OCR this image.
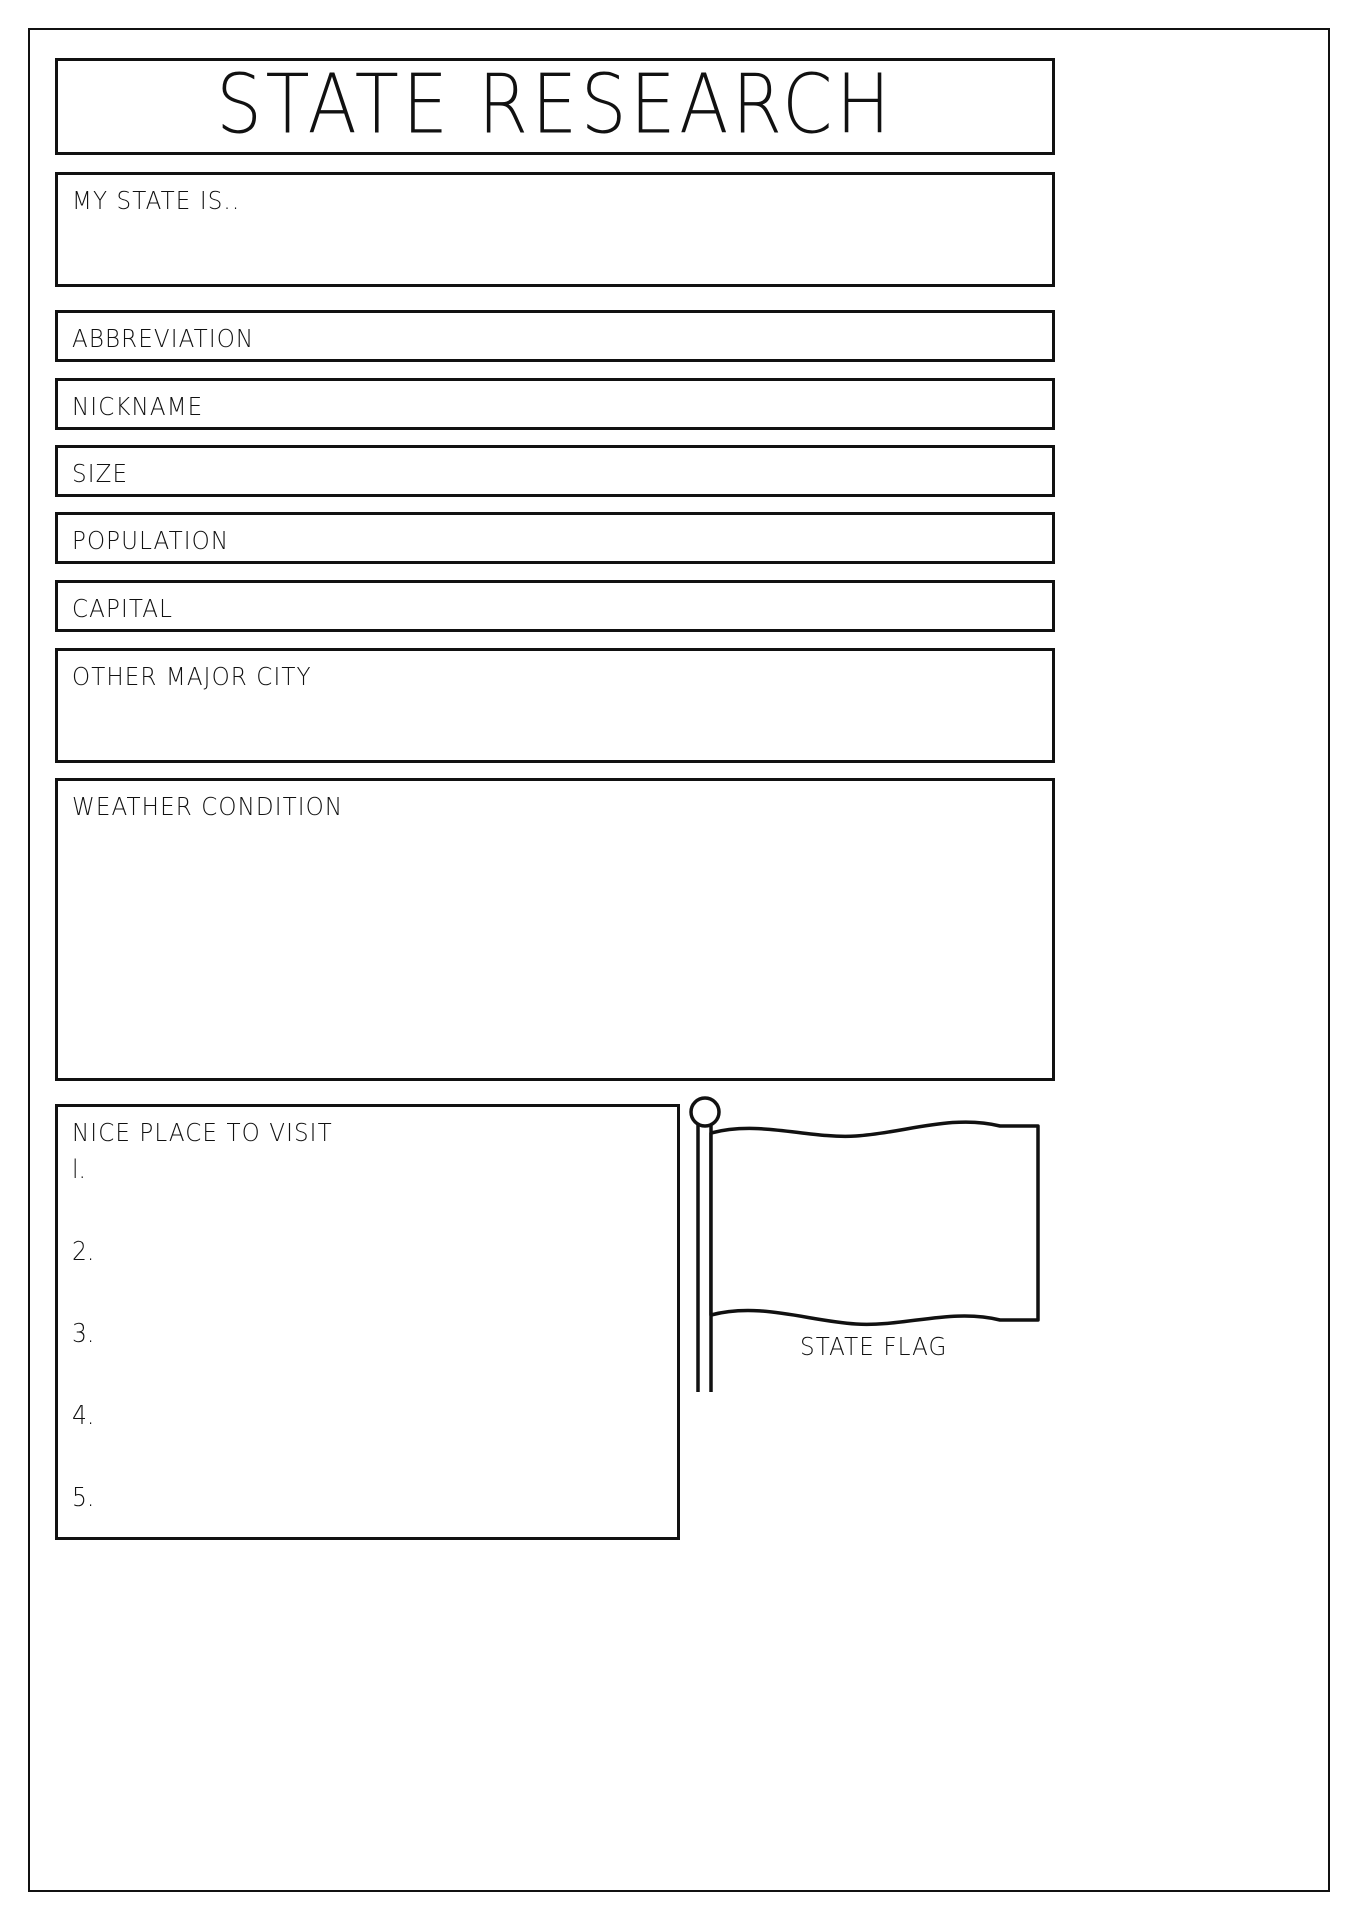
STATE RESEARCH
MY STATE IS..
ABBREVIATION
NICKNAME
SIZE
POPULATION
CAPITAL
OTHER MAJOR CITY
WEATHER CONDITION
NICE PLACE TO VISIT
l.
2.
3.
4.
5.
STATE FLAG
